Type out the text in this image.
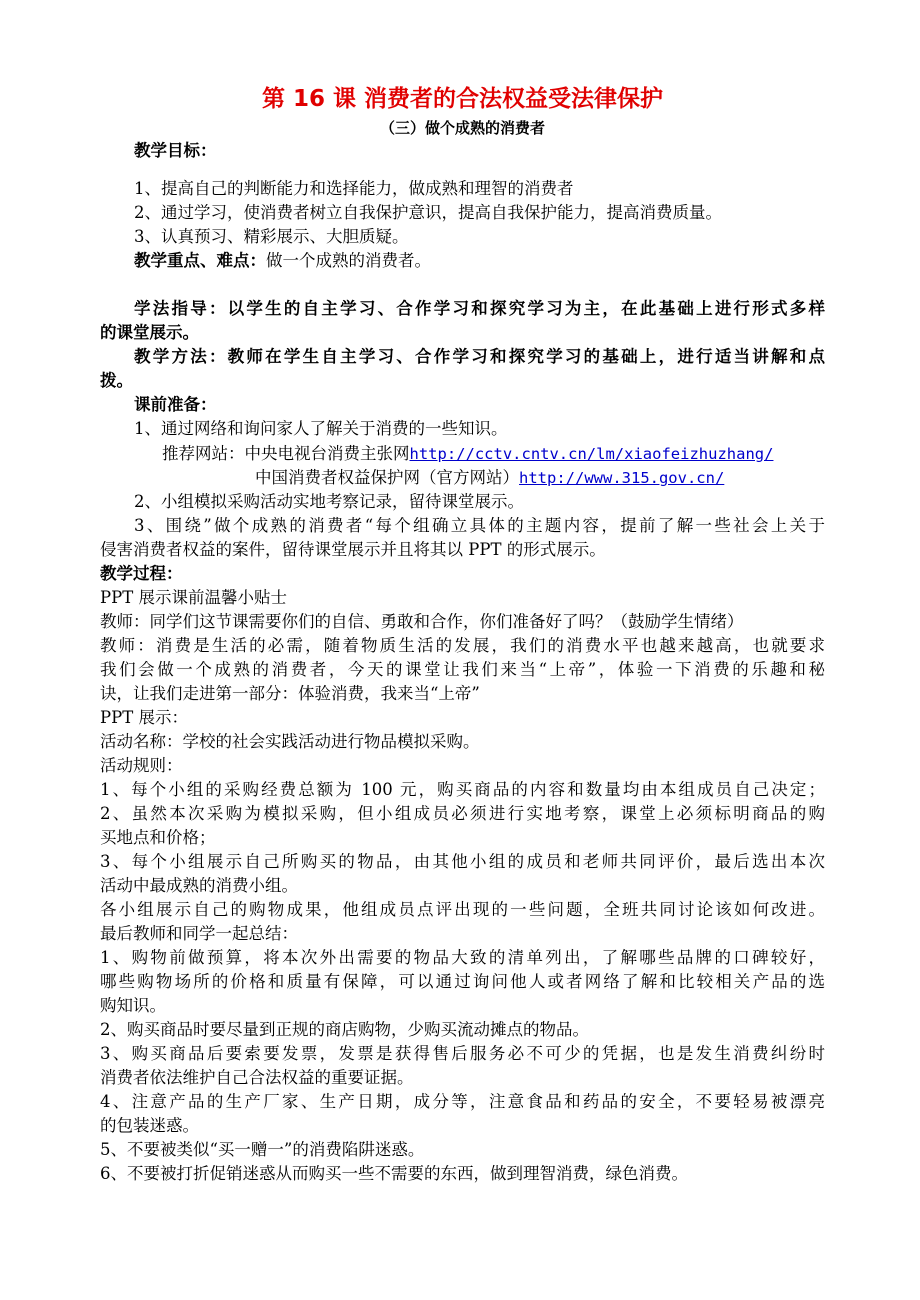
第 16 课 消费者的合法权益受法律保护
（三）做个成熟的消费者
教学目标：
1、提高自己的判断能力和选择能力，做成熟和理智的消费者
2、通过学习，使消费者树立自我保护意识，提高自我保护能力，提高消费质量。
3、认真预习、精彩展示、大胆质疑。
教学重点、难点：做一个成熟的消费者。
学法指导：以学生的自主学习、合作学习和探究学习为主，在此基础上进行形式多样
的课堂展示。
教学方法：教师在学生自主学习、合作学习和探究学习的基础上，进行适当讲解和点
拨。
课前准备：
1、通过网络和询问家人了解关于消费的一些知识。
推荐网站：中央电视台消费主张网http://cctv.cntv.cn/lm/xiaofeizhuzhang/
中国消费者权益保护网（官方网站）http://www.315.gov.cn/
2、小组模拟采购活动实地考察记录，留待课堂展示。
3、围绕”做个成熟的消费者“每个组确立具体的主题内容，提前了解一些社会上关于
侵害消费者权益的案件，留待课堂展示并且将其以 PPT 的形式展示。
教学过程：
PPT 展示课前温馨小贴士
教师：同学们这节课需要你们的自信、勇敢和合作，你们准备好了吗？（鼓励学生情绪）
教师：消费是生活的必需，随着物质生活的发展，我们的消费水平也越来越高，也就要求
我们会做一个成熟的消费者，今天的课堂让我们来当“上帝”，体验一下消费的乐趣和秘
诀，让我们走进第一部分：体验消费，我来当“上帝”
PPT 展示：
活动名称：学校的社会实践活动进行物品模拟采购。
活动规则：
1、每个小组的采购经费总额为 100 元，购买商品的内容和数量均由本组成员自己决定；
2、虽然本次采购为模拟采购，但小组成员必须进行实地考察，课堂上必须标明商品的购
买地点和价格；
3、每个小组展示自己所购买的物品，由其他小组的成员和老师共同评价，最后选出本次
活动中最成熟的消费小组。
各小组展示自己的购物成果，他组成员点评出现的一些问题，全班共同讨论该如何改进。
最后教师和同学一起总结：
1、购物前做预算，将本次外出需要的物品大致的清单列出，了解哪些品牌的口碑较好，
哪些购物场所的价格和质量有保障，可以通过询问他人或者网络了解和比较相关产品的选
购知识。
2、购买商品时要尽量到正规的商店购物，少购买流动摊点的物品。
3、购买商品后要索要发票，发票是获得售后服务必不可少的凭据，也是发生消费纠纷时
消费者依法维护自己合法权益的重要证据。
4、注意产品的生产厂家、生产日期，成分等，注意食品和药品的安全，不要轻易被漂亮
的包装迷惑。
5、不要被类似“买一赠一”的消费陷阱迷惑。
6、不要被打折促销迷惑从而购买一些不需要的东西，做到理智消费，绿色消费。
